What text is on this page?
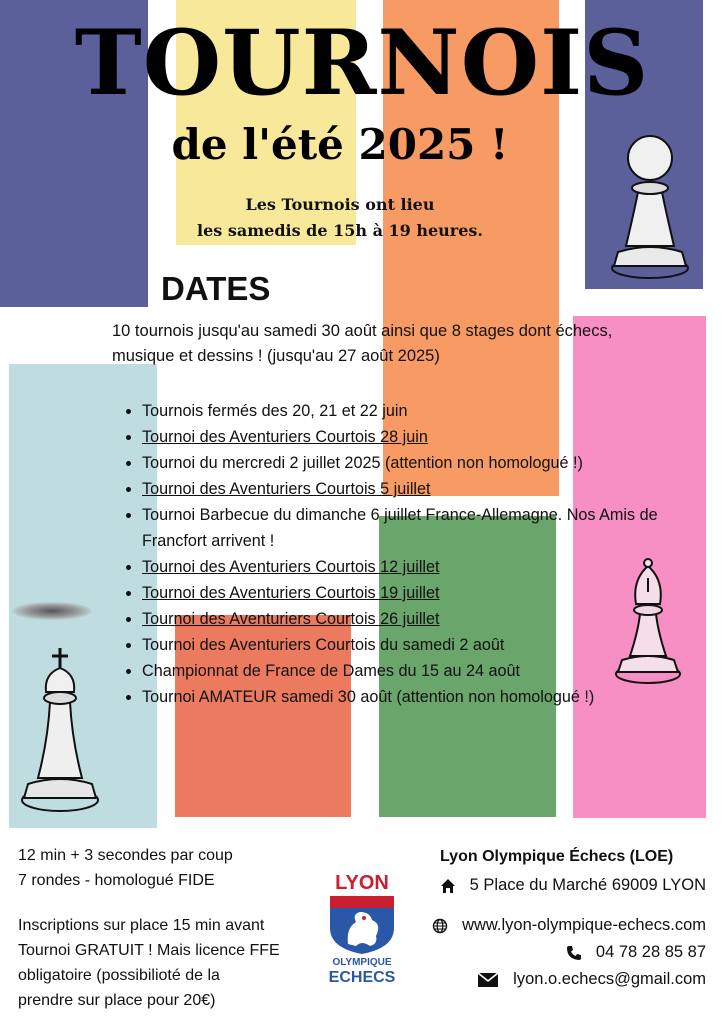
TOURNOIS
de l'été 2025 !
Les Tournois ont lieu
les samedis de 15h à 19 heures.
DATES
10 tournois jusqu'au samedi 30 août ainsi que 8 stages dont échecs, musique et dessins ! (jusqu'au 27 août 2025)
• Tournois fermés des 20, 21 et 22 juin
• Tournoi des Aventuriers Courtois 28 juin
• Tournoi du mercredi 2 juillet 2025 (attention non homologué !)
• Tournoi des Aventuriers Courtois 5 juillet
• Tournoi Barbecue du dimanche 6 juillet France-Allemagne. Nos Amis de Francfort arrivent !
• Tournoi des Aventuriers Courtois 12 juillet
• Tournoi des Aventuriers Courtois 19 juillet
• Tournoi des Aventuriers Courtois 26 juillet
• Tournoi des Aventuriers Courtois du samedi 2 août
• Championnat de France de Dames du 15 au 24 août
• Tournoi AMATEUR samedi 30 août (attention non homologué !)
12 min + 3 secondes par coup
7 rondes - homologué FIDE
Inscriptions sur place 15 min avant
Tournoi GRATUIT ! Mais licence FFE
obligatoire (possibilioté de la
prendre sur place pour 20€)
LYON
OLYMPIQUE
ECHECS
Lyon Olympique Échecs (LOE)
5 Place du Marché 69009 LYON
www.lyon-olympique-echecs.com
04 78 28 85 87
lyon.o.echecs@gmail.com
